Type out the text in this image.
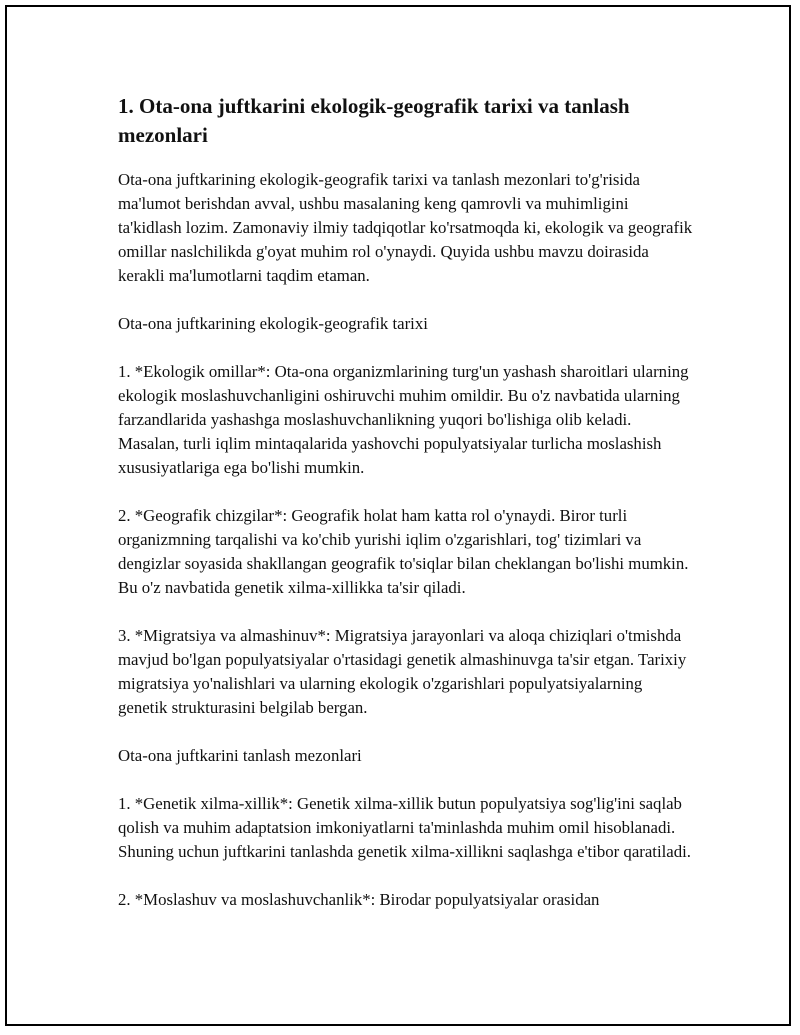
1. Ota-ona juftkarini ekologik-geografik tarixi va tanlash mezonlari

Ota-ona juftkarining ekologik-geografik tarixi va tanlash mezonlari to'g'risida ma'lumot berishdan avval, ushbu masalaning keng qamrovli va muhimligini ta'kidlash lozim. Zamonaviy ilmiy tadqiqotlar ko'rsatmoqda ki, ekologik va geografik omillar naslchilikda g'oyat muhim rol o'ynaydi. Quyida ushbu mavzu doirasida kerakli ma'lumotlarni taqdim etaman.

Ota-ona juftkarining ekologik-geografik tarixi

1. *Ekologik omillar*: Ota-ona organizmlarining turg'un yashash sharoitlari ularning ekologik moslashuvchanligini oshiruvchi muhim omildir. Bu o'z navbatida ularning farzandlarida yashashga moslashuvchanlikning yuqori bo'lishiga olib keladi. Masalan, turli iqlim mintaqalarida yashovchi populyatsiyalar turlicha moslashish xususiyatlariga ega bo'lishi mumkin.

2. *Geografik chizgilar*: Geografik holat ham katta rol o'ynaydi. Biror turli organizmning tarqalishi va ko'chib yurishi iqlim o'zgarishlari, tog' tizimlari va dengizlar soyasida shakllangan geografik to'siqlar bilan cheklangan bo'lishi mumkin. Bu o'z navbatida genetik xilma-xillikka ta'sir qiladi.

3. *Migratsiya va almashinuv*: Migratsiya jarayonlari va aloqa chiziqlari o'tmishda mavjud bo'lgan populyatsiyalar o'rtasidagi genetik almashinuvga ta'sir etgan. Tarixiy migratsiya yo'nalishlari va ularning ekologik o'zgarishlari populyatsiyalarning genetik strukturasini belgilab bergan.

Ota-ona juftkarini tanlash mezonlari

1. *Genetik xilma-xillik*: Genetik xilma-xillik butun populyatsiya sog'lig'ini saqlab qolish va muhim adaptatsion imkoniyatlarni ta'minlashda muhim omil hisoblanadi. Shuning uchun juftkarini tanlashda genetik xilma-xillikni saqlashga e'tibor qaratiladi.

2. *Moslashuv va moslashuvchanlik*: Birodar populyatsiyalar orasidan
